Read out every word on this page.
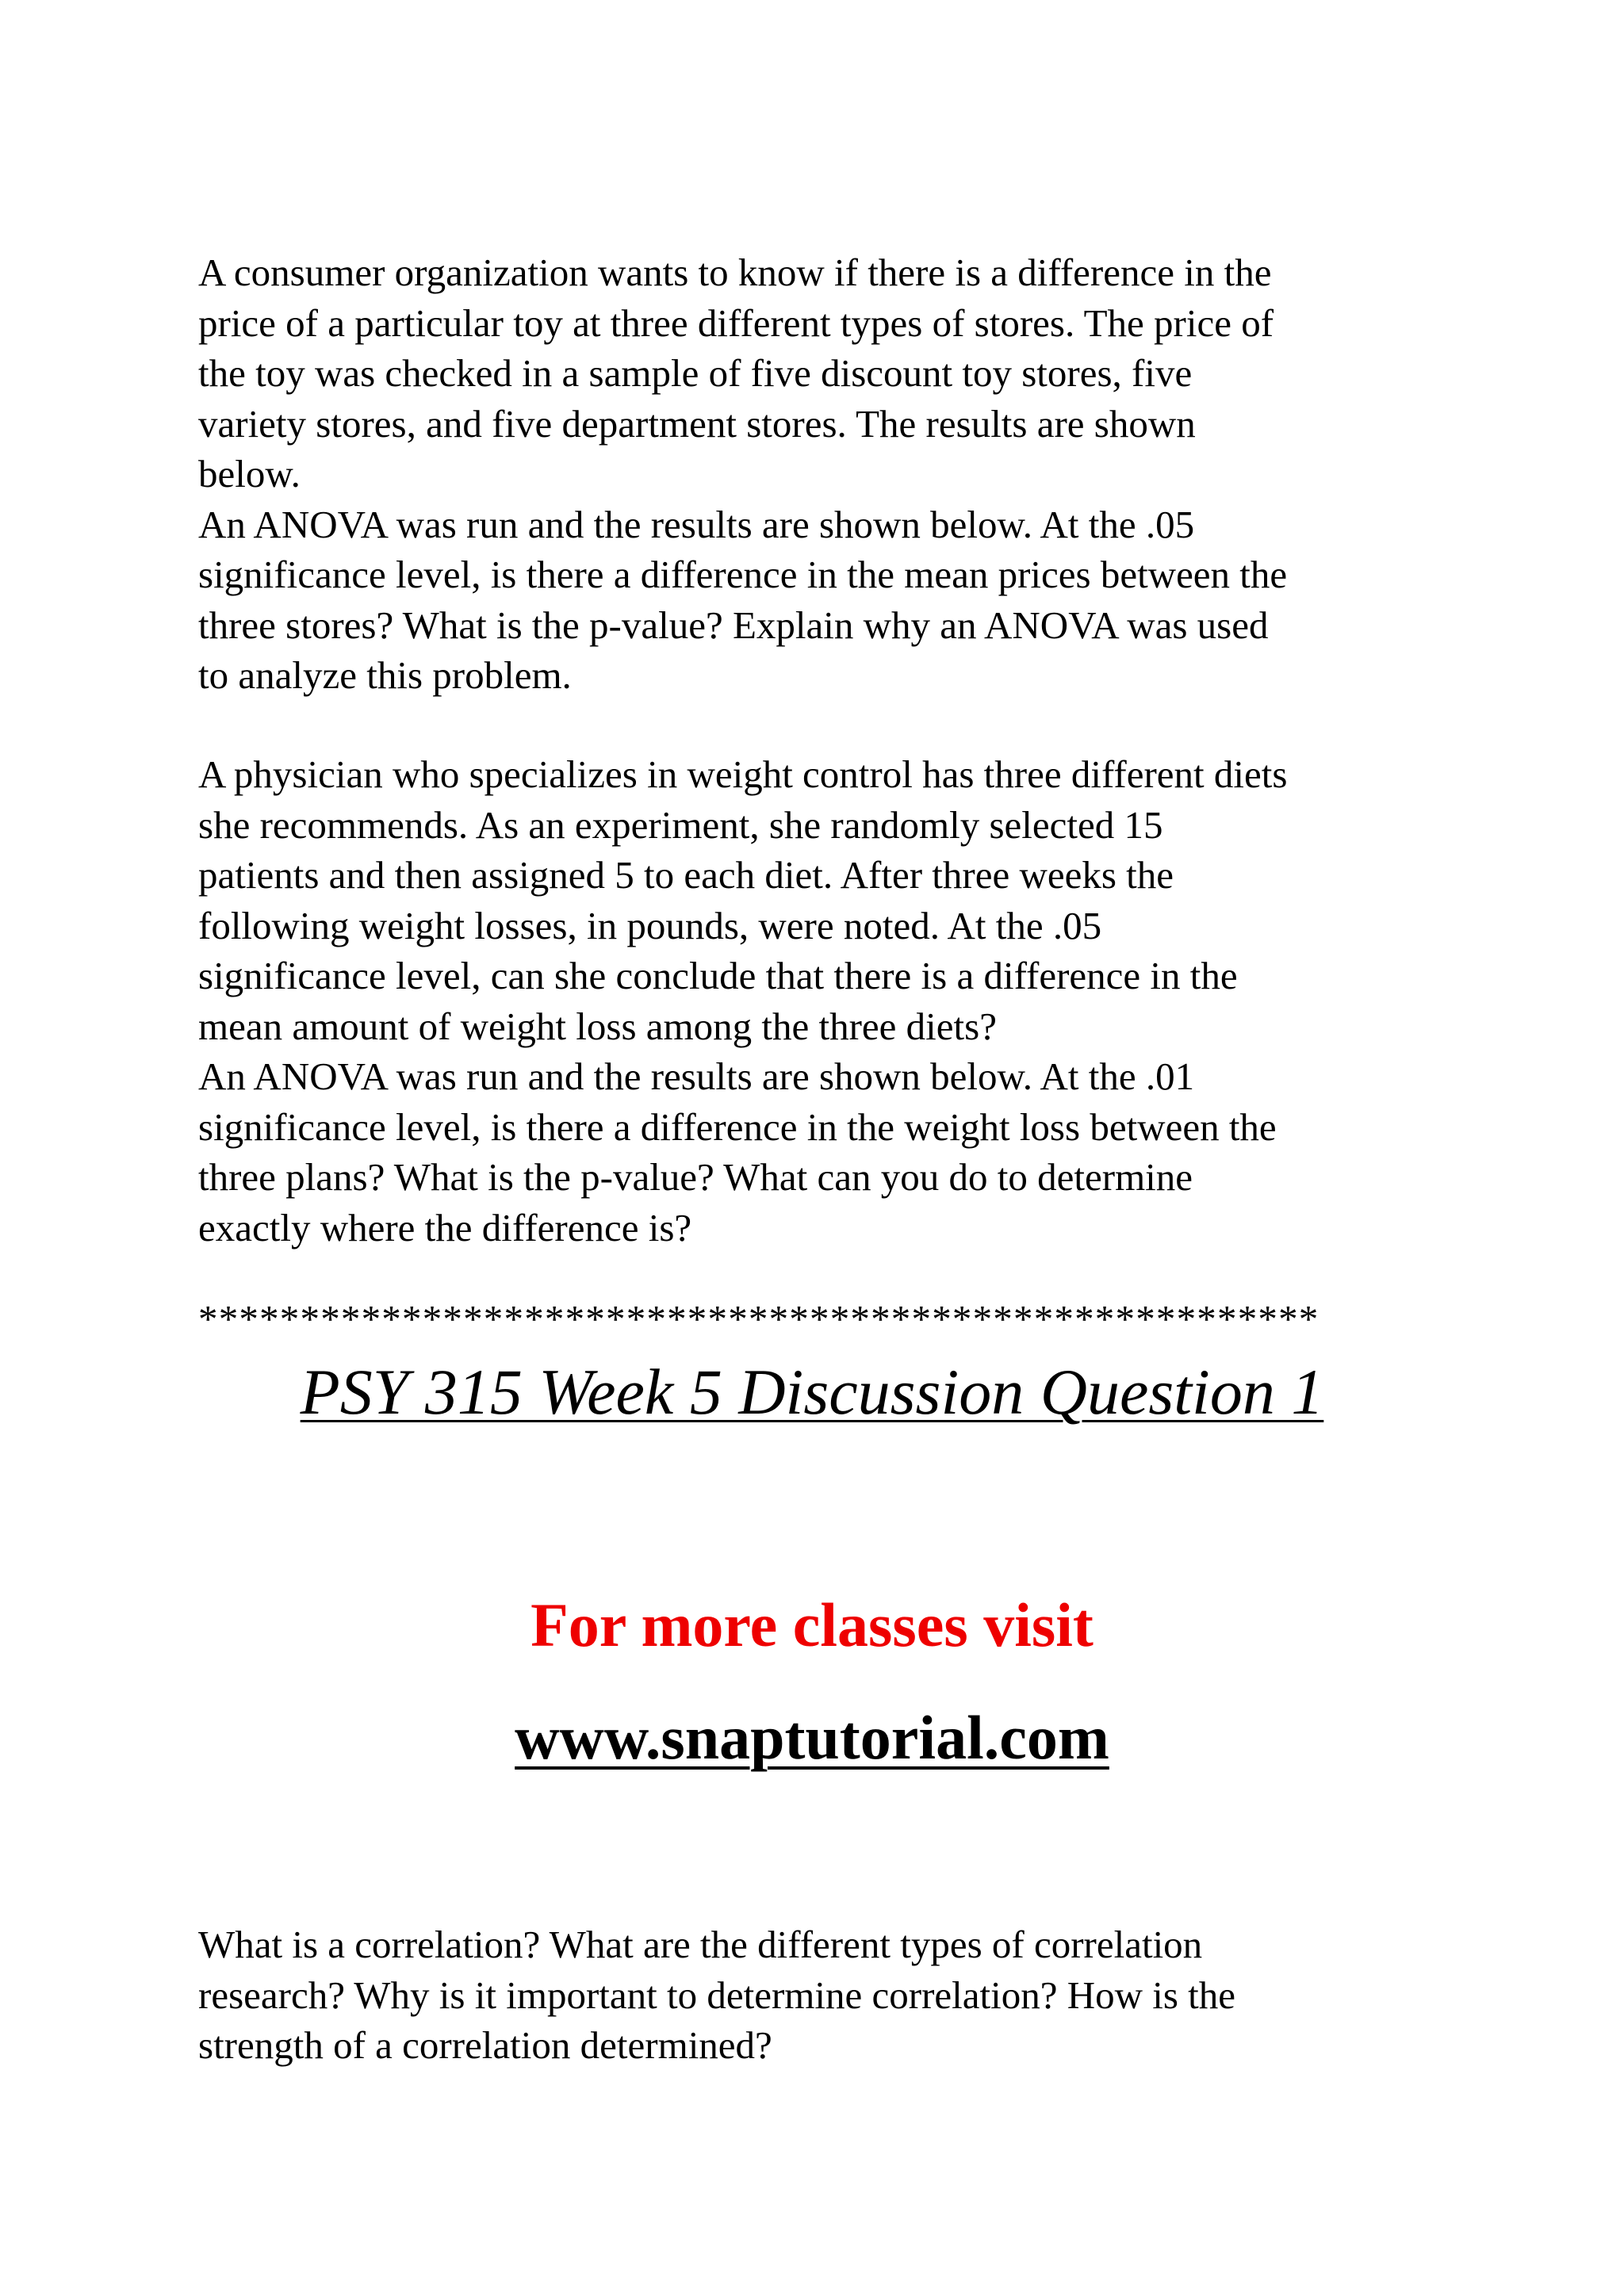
A consumer organization wants to know if there is a difference in the
price of a particular toy at three different types of stores. The price of
the toy was checked in a sample of five discount toy stores, five
variety stores, and five department stores. The results are shown
below.
An ANOVA was run and the results are shown below. At the .05
significance level, is there a difference in the mean prices between the
three stores? What is the p-value? Explain why an ANOVA was used
to analyze this problem.
A physician who specializes in weight control has three different diets
she recommends. As an experiment, she randomly selected 15
patients and then assigned 5 to each diet. After three weeks the
following weight losses, in pounds, were noted. At the .05
significance level, can she conclude that there is a difference in the
mean amount of weight loss among the three diets?
An ANOVA was run and the results are shown below. At the .01
significance level, is there a difference in the weight loss between the
three plans? What is the p-value? What can you do to determine
exactly where the difference is?
*******************************************************
PSY 315 Week 5 Discussion Question 1
For more classes visit
www.snaptutorial.com
What is a correlation? What are the different types of correlation
research? Why is it important to determine correlation? How is the
strength of a correlation determined?
